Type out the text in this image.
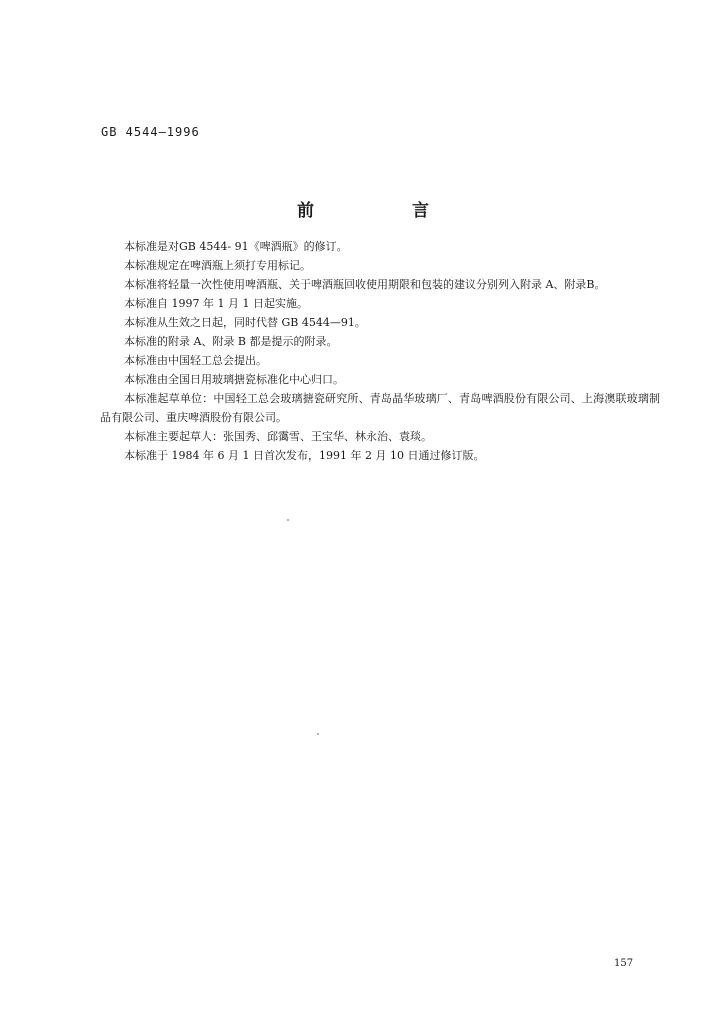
GB 4544—1996
前 言

本标准是对GB 4544- 91《啤酒瓶》的修订。

本标准规定在啤酒瓶上须打专用标记。

本标准将轻量一次性使用啤酒瓶、关于啤酒瓶回收使用期限和包装的建议分别列入附录 A、附录B。

本标准自 1997 年 1 月 1 日起实施。

本标准从生效之日起，同时代替 GB 4544—91。

本标准的附录 A、附录 B 都是提示的附录。

本标准由中国轻工总会提出。

本标准由全国日用玻璃搪瓷标准化中心归口。

本标准起草单位：中国轻工总会玻璃搪瓷研究所、青岛晶华玻璃厂、青岛啤酒股份有限公司、上海澳联玻璃制品有限公司、重庆啤酒股份有限公司。

本标准主要起草人：张国秀、邱霭雪、王宝华、林永治、袁琰。

本标准于 1984 年 6 月 1 日首次发布，1991 年 2 月 10 日通过修订版。

157
